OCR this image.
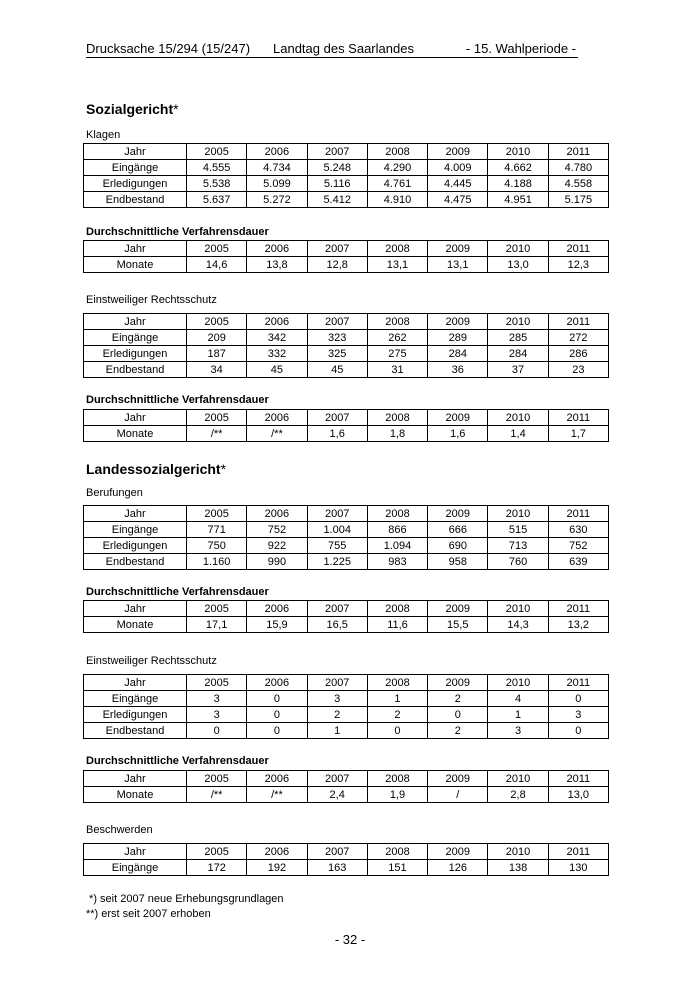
Drucksache 15/294 (15/247) Landtag des Saarlandes	- 15. Wahlperiode -
Sozialgericht*

Klagen

Jahr	2005	2006	2007	2008	2009	2010	2011
Eingänge	4.555	4.734	5.248	4.290	4.009	4.662	4.780
Erledigungen	5.538	5.099	5.116	4.761	4.445	4.188	4.558
Endbestand	5.637	5.272	5.412	4.910	4.475	4.951	5.175

Durchschnittliche Verfahrensdauer

Jahr	2005	2006	2007	2008	2009	2010	2011
Monate	14,6	13,8	12,8	13,1	13,1	13,0	12,3

Einstweiliger Rechtsschutz

Jahr	2005	2006	2007	2008	2009	2010	2011
Eingänge	209	342	323	262	289	285	272
Erledigungen	187	332	325	275	284	284	286
Endbestand	34	45	45	31	36	37	23

Durchschnittliche Verfahrensdauer

Jahr	2005	2006	2007	2008	2009	2010	2011
Monate	/**	/**	1,6	1,8	1,6	1,4	1,7
Landessozialgericht*

Berufungen

Jahr	2005	2006	2007	2008	2009	2010	2011
Eingänge	771	752	1.004	866	666	515	630
Erledigungen	750	922	755	1.094	690	713	752
Endbestand	1.160	990	1.225	983	958	760	639

Durchschnittliche Verfahrensdauer

Jahr	2005	2006	2007	2008	2009	2010	2011
Monate	17,1	15,9	16,5	11,6	15,5	14,3	13,2

Einstweiliger Rechtsschutz

Jahr	2005	2006	2007	2008	2009	2010	2011
Eingänge	3	0	3	1	2	4	0
Erledigungen	3	0	2	2	0	1	3
Endbestand	0	0	1	0	2	3	0

Durchschnittliche Verfahrensdauer

Jahr	2005	2006	2007	2008	2009	2010	2011
Monate	/**	/**	2,4	1,9	/	2,8	13,0

Beschwerden

Jahr	2005	2006	2007	2008	2009	2010	2011
Eingänge	172	192	163	151	126	138	130

*) seit 2007 neue Erhebungsgrundlagen

**) erst seit 2007 erhoben

- 32 -
